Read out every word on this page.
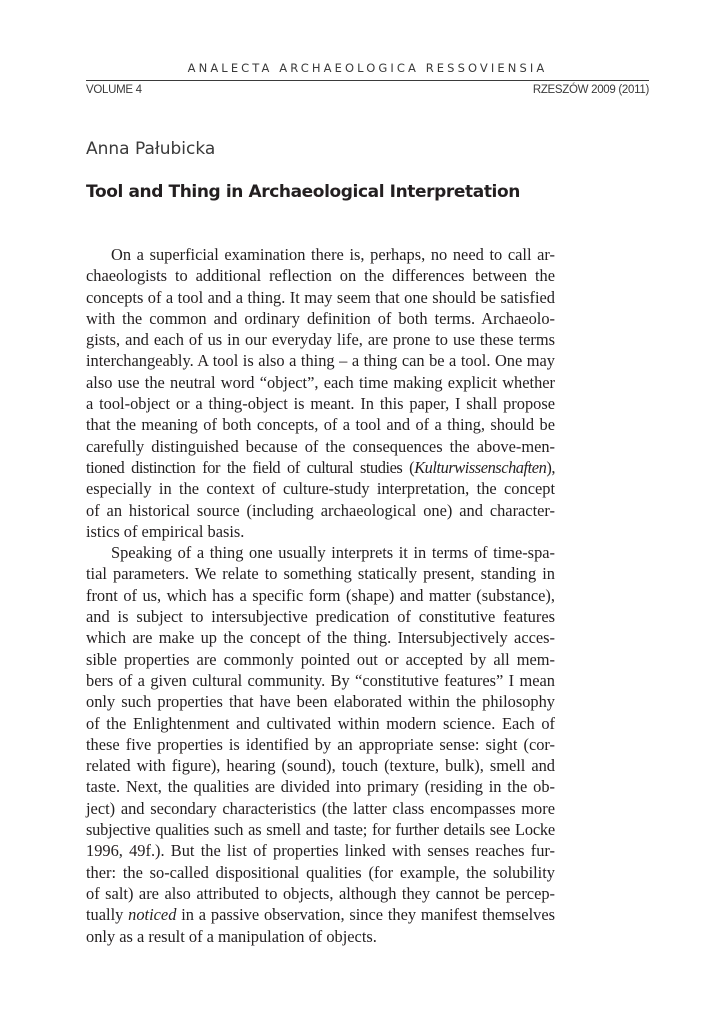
ANALECTA ARCHAEOLOGICA RESSOVIENSIA
VOLUME 4	RZESZÓW 2009 (2011)
Anna Pałubicka
Tool and Thing in Archaeological Interpretation
On a superficial examination there is, perhaps, no need to call ar-
chaeologists to additional reflection on the differences between the
concepts of a tool and a thing. It may seem that one should be satisfied
with the common and ordinary definition of both terms. Archaeolo-
gists, and each of us in our everyday life, are prone to use these terms
interchangeably. A tool is also a thing – a thing can be a tool. One may
also use the neutral word “object”, each time making explicit whether
a tool-object or a thing-object is meant. In this paper, I shall propose
that the meaning of both concepts, of a tool and of a thing, should be
carefully distinguished because of the consequences the above-men-
tioned distinction for the field of cultural studies (Kulturwissenschaften),
especially in the context of culture-study interpretation, the concept
of an historical source (including archaeological one) and character-
istics of empirical basis.
Speaking of a thing one usually interprets it in terms of time-spa-
tial parameters. We relate to something statically present, standing in
front of us, which has a specific form (shape) and matter (substance),
and is subject to intersubjective predication of constitutive features
which are make up the concept of the thing. Intersubjectively acces-
sible properties are commonly pointed out or accepted by all mem-
bers of a given cultural community. By “constitutive features” I mean
only such properties that have been elaborated within the philosophy
of the Enlightenment and cultivated within modern science. Each of
these five properties is identified by an appropriate sense: sight (cor-
related with figure), hearing (sound), touch (texture, bulk), smell and
taste. Next, the qualities are divided into primary (residing in the ob-
ject) and secondary characteristics (the latter class encompasses more
subjective qualities such as smell and taste; for further details see Locke
1996, 49f.). But the list of properties linked with senses reaches fur-
ther: the so-called dispositional qualities (for example, the solubility
of salt) are also attributed to objects, although they cannot be percep-
tually noticed in a passive observation, since they manifest themselves
only as a result of a manipulation of objects.
